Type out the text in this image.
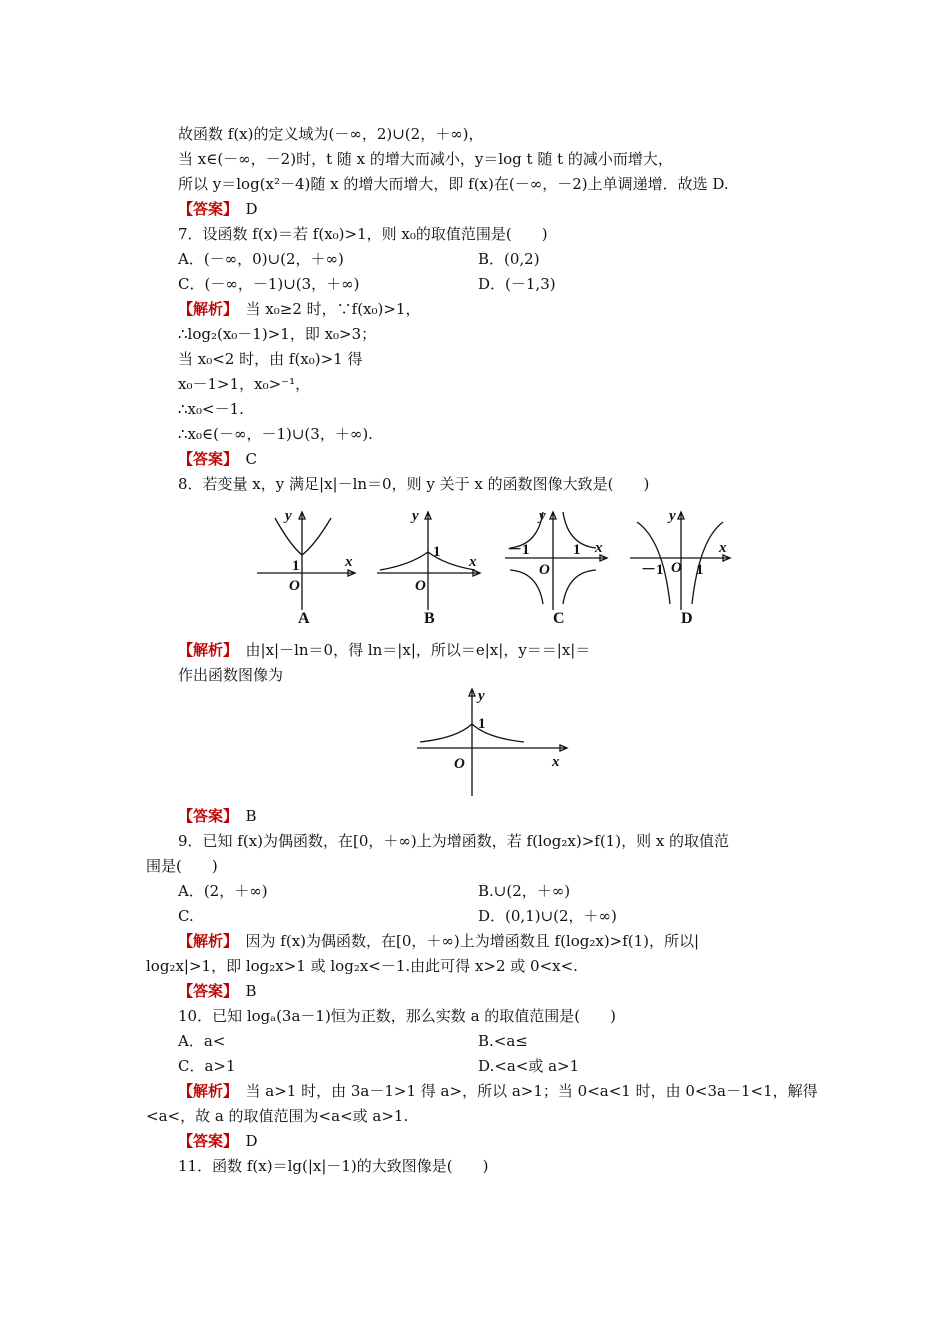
故函数 f(x)的定义域为(－∞，2)∪(2，＋∞)，
当 x∈(－∞，－2)时，t 随 x 的增大而减小，y＝log t 随 t 的减小而增大，
所以 y＝log(x²－4)随 x 的增大而增大，即 f(x)在(－∞，－2)上单调递增．故选 D.
【答案】　D
7．设函数 f(x)＝若 f(x₀)>1，则 x₀的取值范围是(　　)
A．(－∞，0)∪(2，＋∞)	B．(0,2)
C．(－∞，－1)∪(3，＋∞)	D．(－1,3)
【解析】　当 x₀≥2 时，∵f(x₀)>1，
∴log₂(x₀－1)>1，即 x₀>3；
当 x₀<2 时，由 f(x₀)>1 得
x₀－1>1，x₀>⁻¹，
∴x₀<－1.
∴x₀∈(－∞，－1)∪(3，＋∞).
【答案】　C
8．若变量 x，y 满足|x|－ln＝0，则 y 关于 x 的函数图像大致是(　　)
y
x
1
O
y
x
1
O
y
x
－1	1
O
y
x
－1 O 1
A	B	C	D
【解析】　由|x|－ln＝0，得 ln＝|x|，所以＝e|x|，y＝＝|x|＝
作出函数图像为
y
x
1
O
【答案】　B
9．已知 f(x)为偶函数，在[0，＋∞)上为增函数，若 f(log₂x)>f(1)，则 x 的取值范
围是(　　)
A．(2，＋∞)	B.∪(2，＋∞)
C.	D．(0,1)∪(2，＋∞)
【解析】　因为 f(x)为偶函数，在[0，＋∞)上为增函数且 f(log₂x)>f(1)，所以|
log₂x|>1，即 log₂x>1 或 log₂x<－1.由此可得 x>2 或 0<x<.
【答案】　B
10．已知 logₐ(3a－1)恒为正数，那么实数 a 的取值范围是(　　)
A．a<	B.<a≤
C．a>1	D.<a<或 a>1
【解析】　当 a>1 时，由 3a－1>1 得 a>，所以 a>1；当 0<a<1 时，由 0<3a－1<1，解得
<a<，故 a 的取值范围为<a<或 a>1.
【答案】　D
11．函数 f(x)＝lg(|x|－1)的大致图像是(　　)
